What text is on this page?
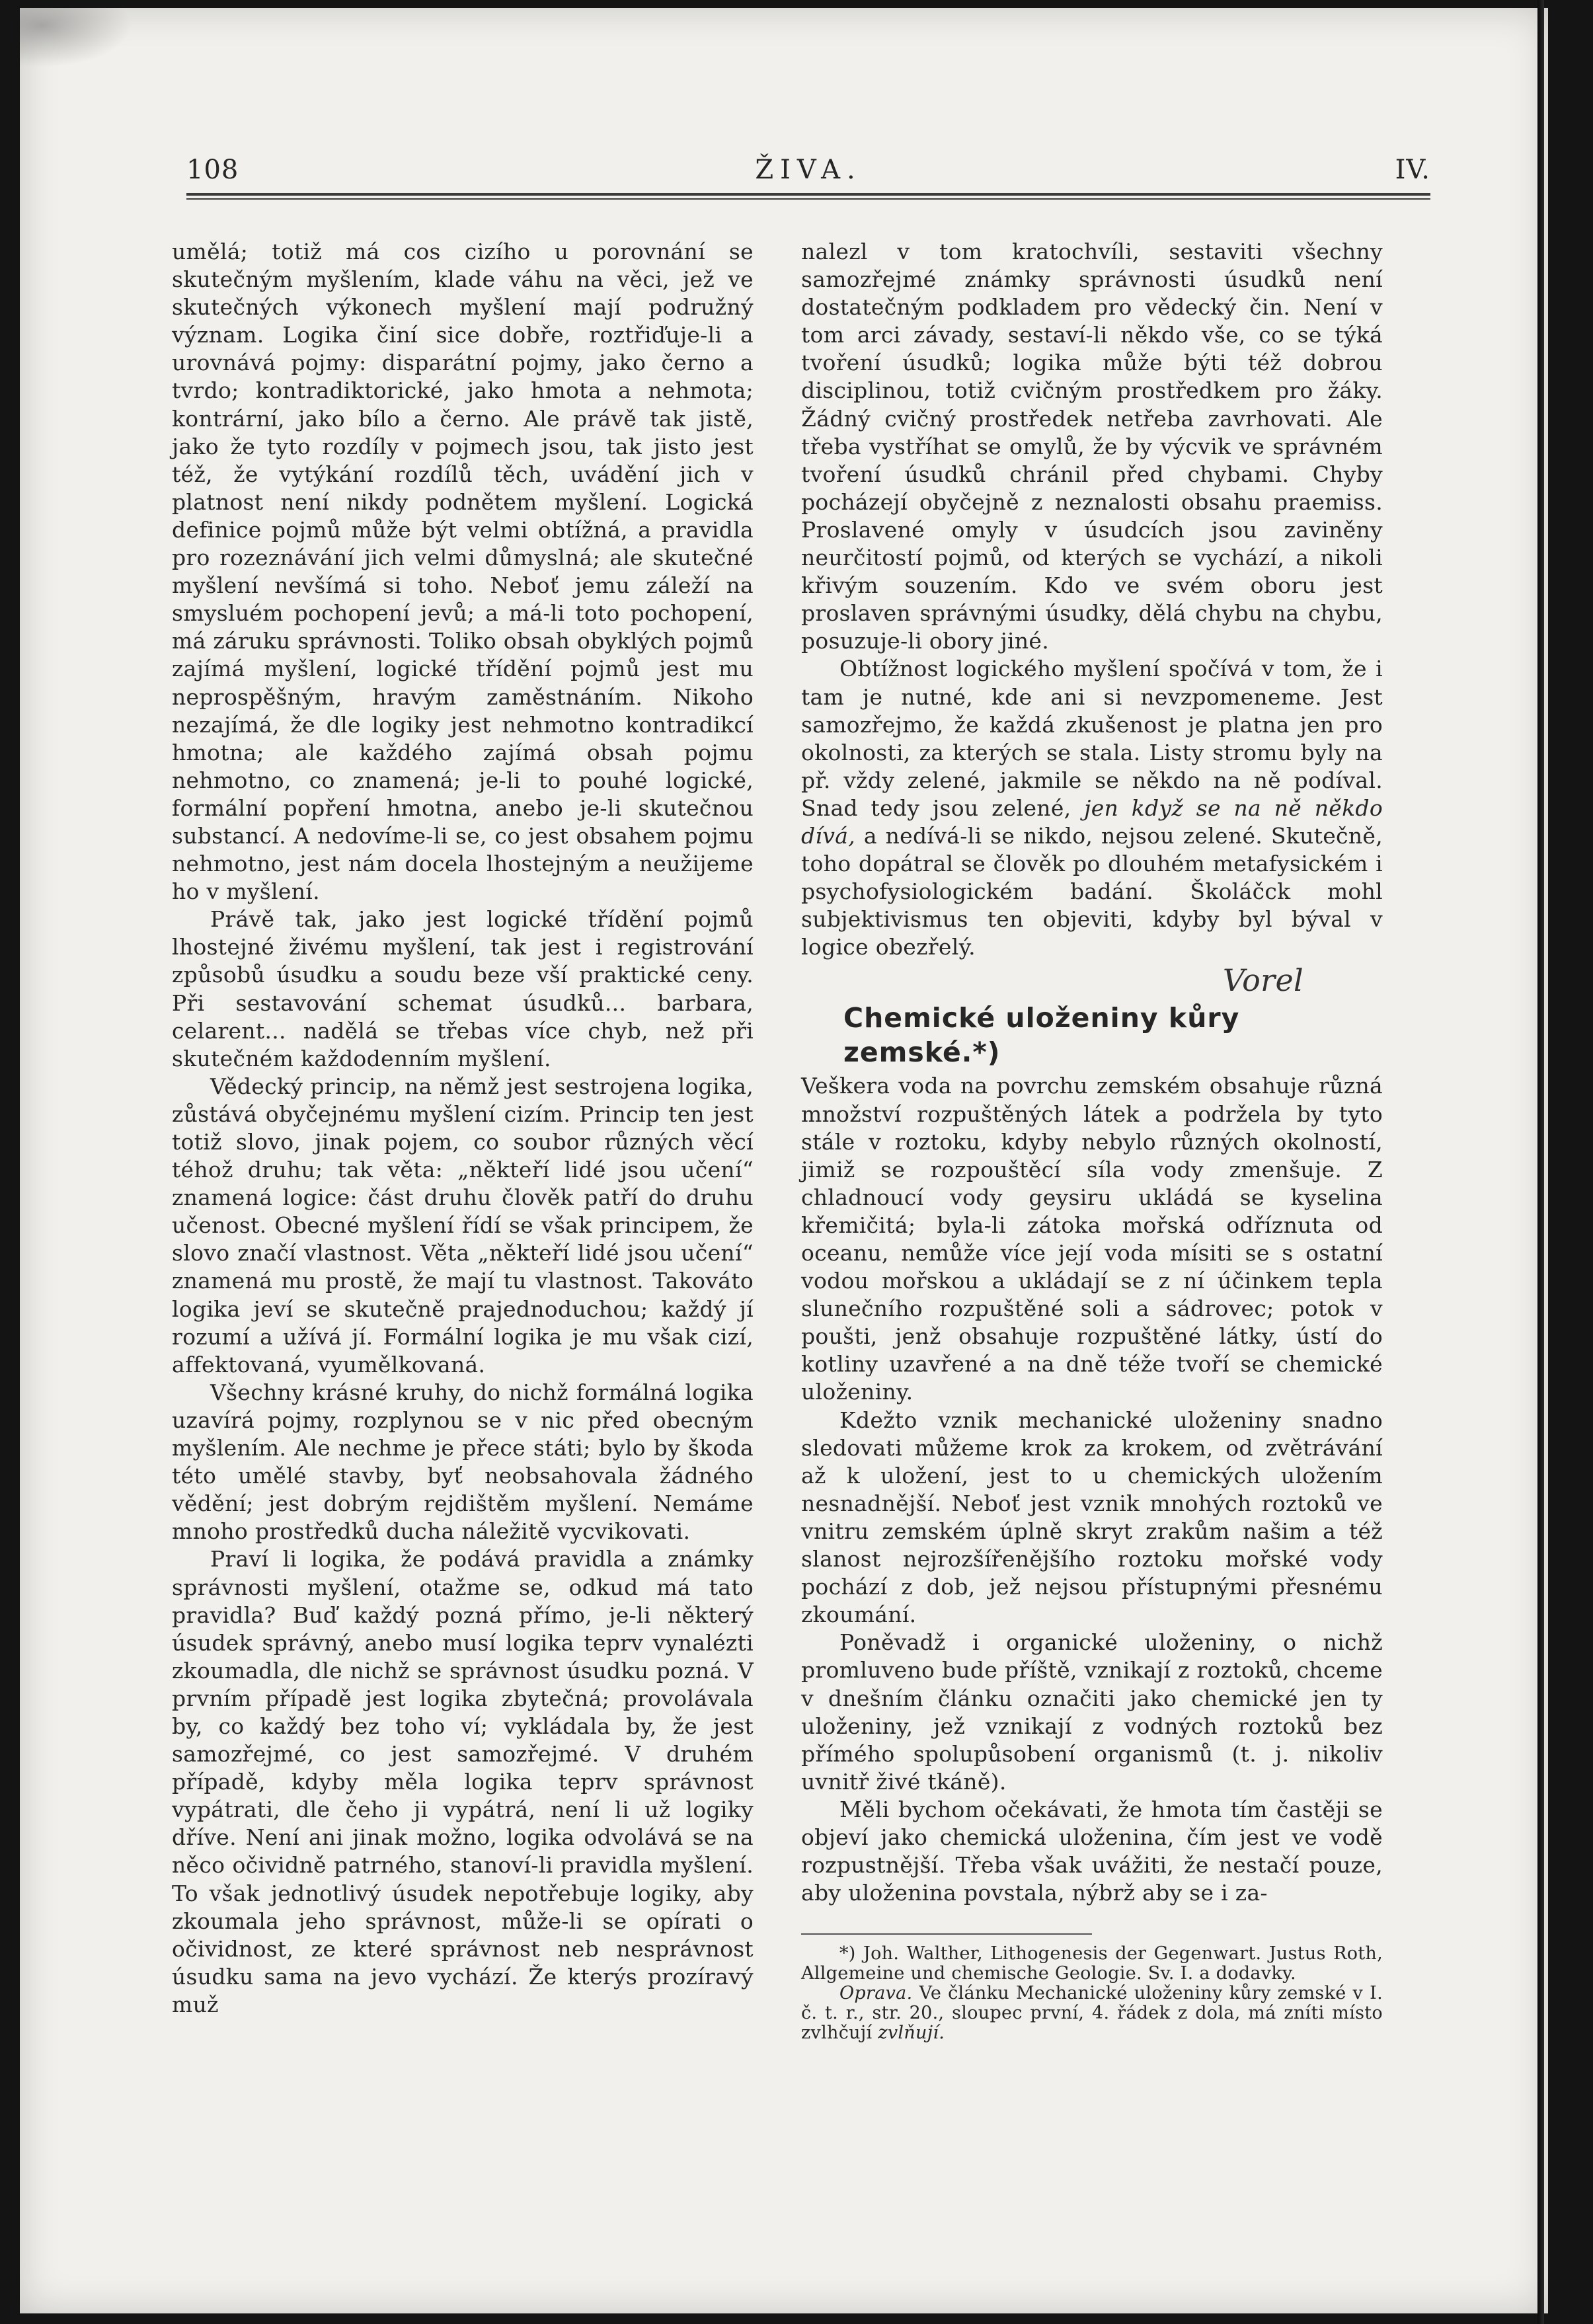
108	ŽIVA.	IV.

umělá; totiž má cos cizího u porovnání se skutečným myšlením, klade váhu na věci, jež ve skutečných výkonech myšlení mají podružný význam. Logika činí sice dobře, roztřiďuje-li a urovnává pojmy: disparátní pojmy, jako černo a tvrdo; kontradiktorické, jako hmota a nehmota; kontrární, jako bílo a černo. Ale právě tak jistě, jako že tyto rozdíly v pojmech jsou, tak jisto jest též, že vytýkání rozdílů těch, uvádění jich v platnost není nikdy podnětem myšlení. Logická definice pojmů může být velmi obtížná, a pravidla pro rozeznávání jich velmi důmyslná; ale skutečné myšlení nevšímá si toho. Neboť jemu záleží na smysluém pochopení jevů; a má-li toto pochopení, má záruku správnosti. Toliko obsah obyklých pojmů zajímá myšlení, logické třídění pojmů jest mu neprospěšným, hravým zaměstnáním. Nikoho nezajímá, že dle logiky jest nehmotno kontradikcí hmotna; ale každého zajímá obsah pojmu nehmotno, co znamená; je-li to pouhé logické, formální popření hmotna, anebo je-li skutečnou substancí. A nedovíme-li se, co jest obsahem pojmu nehmotno, jest nám docela lhostejným a neužijeme ho v myšlení.

Právě tak, jako jest logické třídění pojmů lhostejné živému myšlení, tak jest i registrování způsobů úsudku a soudu beze vší praktické ceny. Při sestavování schemat úsudků... barbara, celarent... nadělá se třebas více chyb, než při skutečném každodenním myšlení.

Vědecký princip, na němž jest sestrojena logika, zůstává obyčejnému myšlení cizím. Princip ten jest totiž slovo, jinak pojem, co soubor různých věcí téhož druhu; tak věta: „někteří lidé jsou učení“ znamená logice: část druhu člověk patří do druhu učenost. Obecné myšlení řídí se však principem, že slovo značí vlastnost. Věta „někteří lidé jsou učení“ znamená mu prostě, že mají tu vlastnost. Takováto logika jeví se skutečně prajednoduchou; každý jí rozumí a užívá jí. Formální logika je mu však cizí, affektovaná, vyumělkovaná.

Všechny krásné kruhy, do nichž formálná logika uzavírá pojmy, rozplynou se v nic před obecným myšlením. Ale nechme je přece státi; bylo by škoda této umělé stavby, byť neobsahovala žádného vědění; jest dobrým rejdištěm myšlení. Nemáme mnoho prostředků ducha náležitě vycvikovati.

Praví li logika, že podává pravidla a známky správnosti myšlení, otažme se, odkud má tato pravidla? Buď každý pozná přímo, je-li některý úsudek správný, anebo musí logika teprv vynalézti zkoumadla, dle nichž se správnost úsudku pozná. V prvním případě jest logika zbytečná; provolávala by, co každý bez toho ví; vykládala by, že jest samozřejmé, co jest samozřejmé. V druhém případě, kdyby měla logika teprv správnost vypátrati, dle čeho ji vypátrá, není li už logiky dříve. Není ani jinak možno, logika odvolává se na něco očividně patrného, stanoví-li pravidla myšlení. To však jednotlivý úsudek nepotřebuje logiky, aby zkoumala jeho správnost, může-li se opírati o očividnost, ze které správnost neb nesprávnost úsudku sama na jevo vychází. Že kterýs prozíravý muž

nalezl v tom kratochvíli, sestaviti všechny samozřejmé známky správnosti úsudků není dostatečným podkladem pro vědecký čin. Není v tom arci závady, sestaví-li někdo vše, co se týká tvoření úsudků; logika může býti též dobrou disciplinou, totiž cvičným prostředkem pro žáky. Žádný cvičný prostředek netřeba zavrhovati. Ale třeba vystříhat se omylů, že by výcvik ve správném tvoření úsudků chránil před chybami. Chyby pocházejí obyčejně z neznalosti obsahu praemiss. Proslavené omyly v úsudcích jsou zaviněny neurčitostí pojmů, od kterých se vychází, a nikoli křivým souzením. Kdo ve svém oboru jest proslaven správnými úsudky, dělá chybu na chybu, posuzuje-li obory jiné.

Obtížnost logického myšlení spočívá v tom, že i tam je nutné, kde ani si nevzpomeneme. Jest samozřejmo, že každá zkušenost je platna jen pro okolnosti, za kterých se stala. Listy stromu byly na př. vždy zelené, jakmile se někdo na ně podíval. Snad tedy jsou zelené, jen když se na ně někdo dívá, a nedívá-li se nikdo, nejsou zelené. Skutečně, toho dopátral se člověk po dlouhém metafysickém i psychofysiologickém badání. Školáčck mohl subjektivismus ten objeviti, kdyby byl býval v logice obezřelý.

Vorel
Chemické uloženiny kůry zemské.*)

Veškera voda na povrchu zemském obsahuje různá množství rozpuštěných látek a podržela by tyto stále v roztoku, kdyby nebylo různých okolností, jimiž se rozpouštěcí síla vody zmenšuje. Z chladnoucí vody geysiru ukládá se kyselina křemičitá; byla-li zátoka mořská odříznuta od oceanu, nemůže více její voda mísiti se s ostatní vodou mořskou a ukládají se z ní účinkem tepla slunečního rozpuštěné soli a sádrovec; potok v poušti, jenž obsahuje rozpuštěné látky, ústí do kotliny uzavřené a na dně téže tvoří se chemické uloženiny.

Kdežto vznik mechanické uloženiny snadno sledovati můžeme krok za krokem, od zvětrávání až k uložení, jest to u chemických uložením nesnadnější. Neboť jest vznik mnohých roztoků ve vnitru zemském úplně skryt zrakům našim a též slanost nejrozšířenějšího roztoku mořské vody pochází z dob, jež nejsou přístupnými přesnému zkoumání.

Poněvadž i organické uloženiny, o nichž promluveno bude příště, vznikají z roztoků, chceme v dnešním článku označiti jako chemické jen ty uloženiny, jež vznikají z vodných roztoků bez přímého spolupůsobení organismů (t. j. nikoliv uvnitř živé tkáně).

Měli bychom očekávati, že hmota tím častěji se objeví jako chemická uloženina, čím jest ve vodě rozpustnější. Třeba však uvážiti, že nestačí pouze, aby uloženina povstala, nýbrž aby se i za-

*) Joh. Walther, Lithogenesis der Gegenwart. Justus Roth, Allgemeine und chemische Geologie. Sv. I. a dodavky.

Oprava. Ve článku Mechanické uloženiny kůry zemské v I. č. t. r., str. 20., sloupec první, 4. řádek z dola, má zníti místo zvlhčují zvlňují.
